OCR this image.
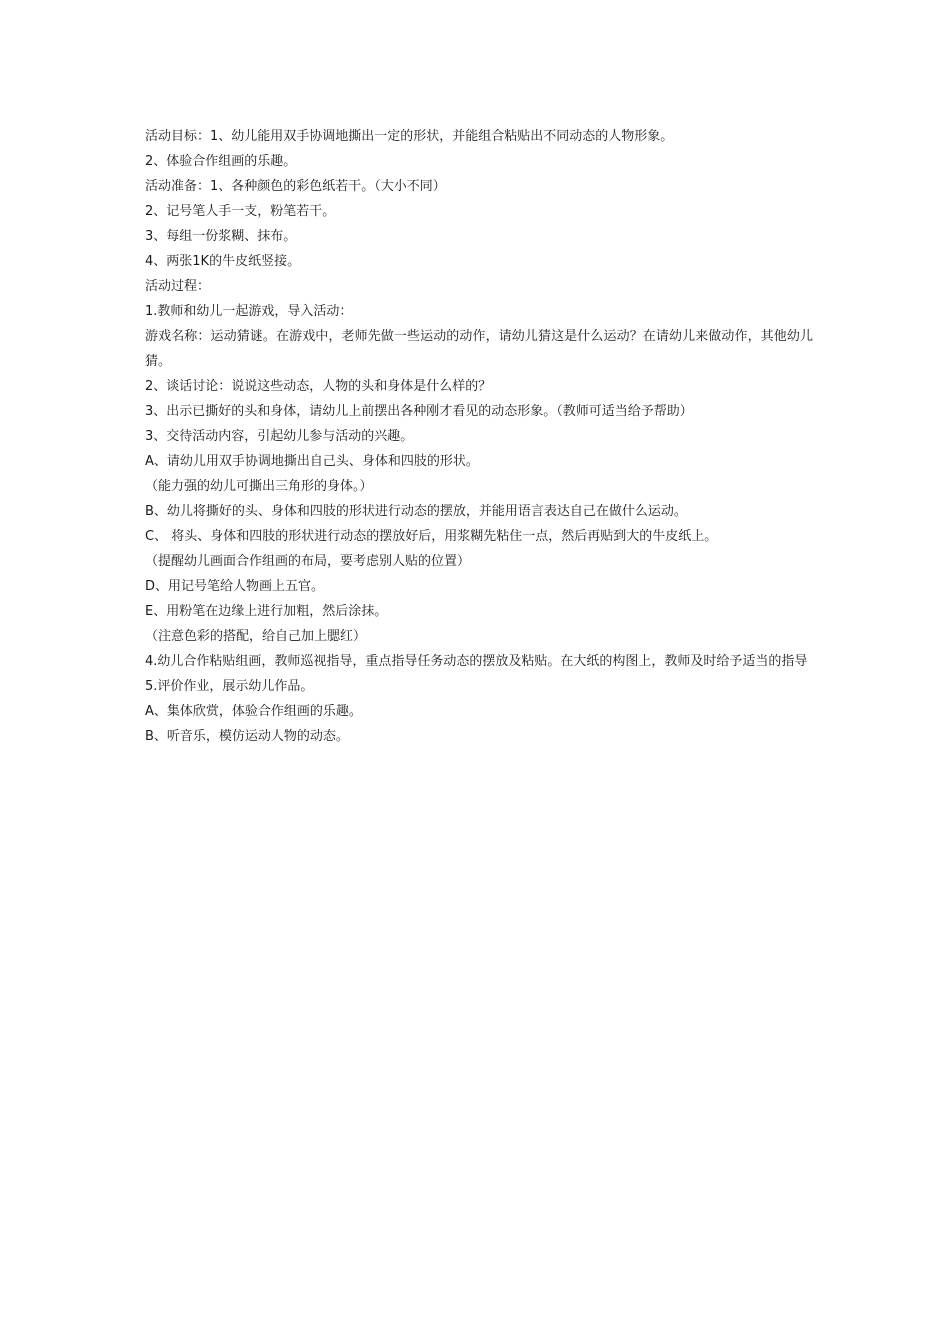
活动目标：1、幼儿能用双手协调地撕出一定的形状，并能组合粘贴出不同动态的人物形象。
2、体验合作组画的乐趣。
活动准备：1、各种颜色的彩色纸若干。（大小不同）
2、记号笔人手一支，粉笔若干。
3、每组一份浆糊、抹布。
4、两张1K的牛皮纸竖接。
活动过程：
1.教师和幼儿一起游戏，导入活动：
游戏名称：运动猜谜。在游戏中，老师先做一些运动的动作，请幼儿猜这是什么运动？在请幼儿来做动作，其他幼儿猜。
2、谈话讨论：说说这些动态，人物的头和身体是什么样的？
3、出示已撕好的头和身体，请幼儿上前摆出各种刚才看见的动态形象。（教师可适当给予帮助）
3、交待活动内容，引起幼儿参与活动的兴趣。
A、请幼儿用双手协调地撕出自己头、身体和四肢的形状。
（能力强的幼儿可撕出三角形的身体。）
B、幼儿将撕好的头、身体和四肢的形状进行动态的摆放，并能用语言表达自己在做什么运动。
C、 将头、身体和四肢的形状进行动态的摆放好后，用浆糊先粘住一点，然后再贴到大的牛皮纸上。
（提醒幼儿画面合作组画的布局，要考虑别人贴的位置）
D、用记号笔给人物画上五官。
E、用粉笔在边缘上进行加粗，然后涂抹。
（注意色彩的搭配，给自己加上腮红）
4.幼儿合作粘贴组画，教师巡视指导，重点指导任务动态的摆放及粘贴。在大纸的构图上，教师及时给予适当的指导
5.评价作业，展示幼儿作品。
A、集体欣赏，体验合作组画的乐趣。
B、听音乐，模仿运动人物的动态。
